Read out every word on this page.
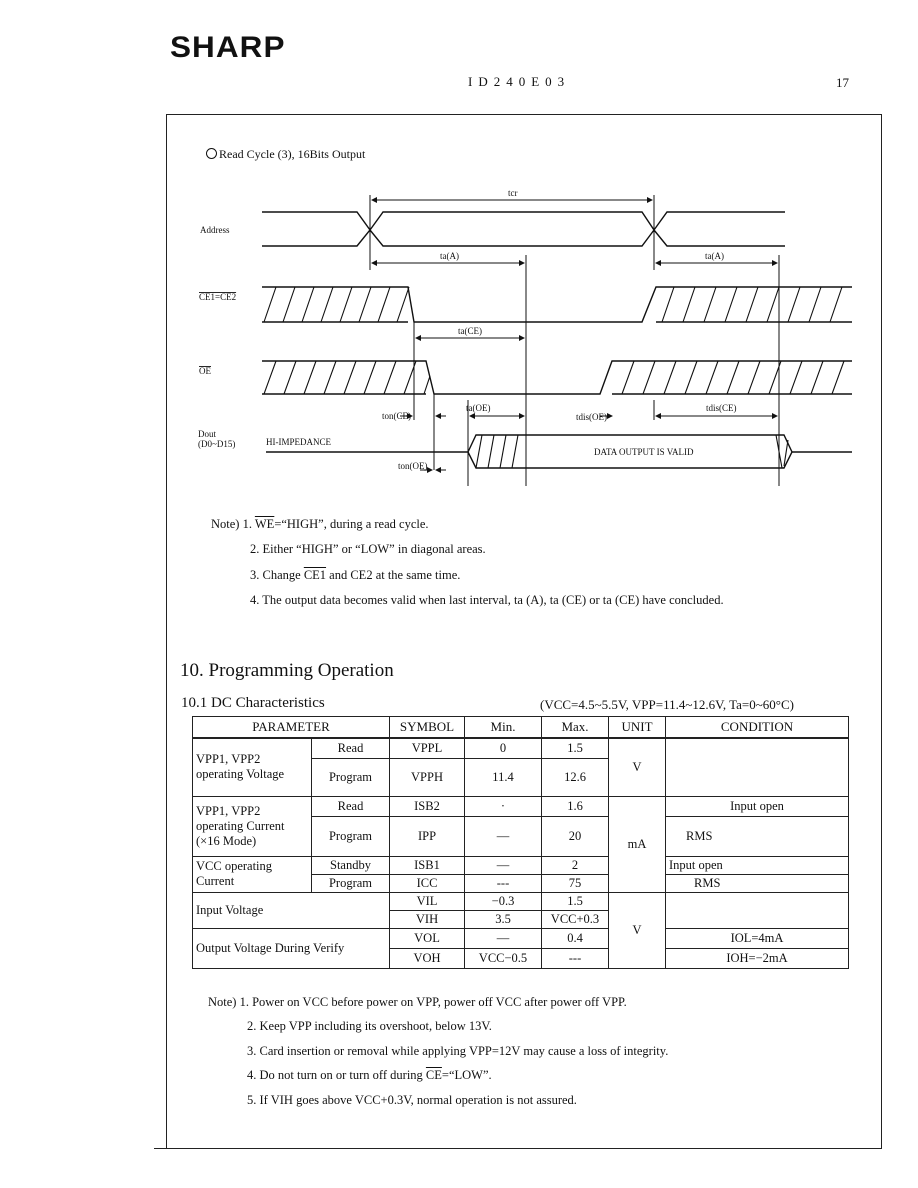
SHARP
ID240E03	17
Read Cycle (3), 16Bits Output
tcr
ta(A)	ta(A)
ta(CE)
ton(CE)
ta(OE)
tdis(OE)
tdis(CE)
ton(OE)
Address
CE1=CE2
OE
Dout
(D0~D15)	HI-IMPEDANCE
DATA OUTPUT IS VALID
Note) 1. $\overline{WE}=“HIGH$”, during a read cycle.
2. Either “HIGH” or “LOW” in diagonal areas.
3. Change CE1 and CE2 at the same time.
4. The output data becomes valid when last interval, ta (A), ta (CE) or ta (CE) have concluded.
10. Programming Operation
10.1 DC Characteristics	(VCC=4.5~5.5V, VPP=11.4~12.6V, Ta=0~60°C)
PARAMETER		SYMBOL	Min.	Max.	UNIT	CONDITION
VPP1, VPP2 operating Voltage	Read	VPPL	0	1.5	V	
	Program	VPPH	11.4	12.6		
VPP1, VPP2 operating Current (×16 Mode)	Read	ISB2	·	1.6	mA	Input open
	Program	IPP	—	20		RMS
VCC operating Current	Standby	ISB1	—	2		Input open
	Program	ICC	---	75		RMS
Input Voltage		VIL	−0.3	1.5	V	
		VIH	3.5	VCC+0.3		
Output Voltage During Verify		VOL	—	0.4		IOL=4mA
		VOH	VCC−0.5	---		IOH=−2mA
Note) 1. Power on VCC before power on VPP, power off VCC after power off VPP.
2. Keep VPP including its overshoot, below 13V.
3. Card insertion or removal while applying VPP=12V may cause a loss of integrity.
4. Do not turn on or turn off during $\overline{CE}=“LOW$”.
5. If VIH goes above VCC+0.3V, normal operation is not assured.
